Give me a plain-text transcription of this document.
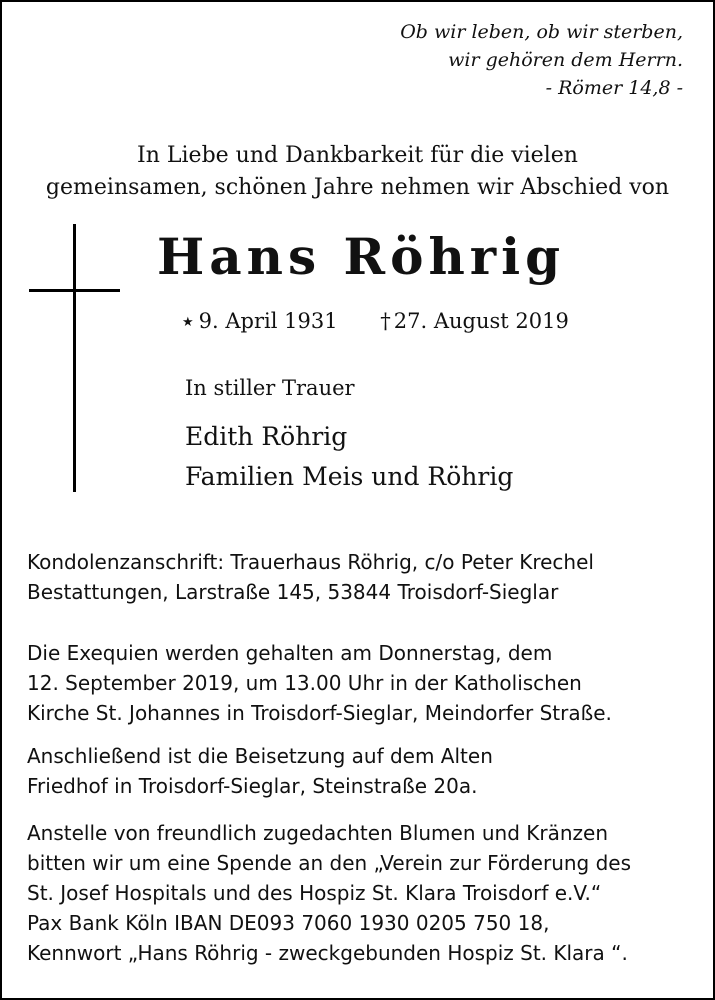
Ob wir leben, ob wir sterben,
wir gehören dem Herrn.
- Römer 14,8 -
In Liebe und Dankbarkeit für die vielen
gemeinsamen, schönen Jahre nehmen wir Abschied von
Hans Röhrig
★ 9. April 1931 † 27. August 2019
In stiller Trauer
Edith Röhrig
Familien Meis und Röhrig
Kondolenzanschrift: Trauerhaus Röhrig, c/o Peter Krechel
Bestattungen, Larstraße 145, 53844 Troisdorf-Sieglar
Die Exequien werden gehalten am Donnerstag, dem
12. September 2019, um 13.00 Uhr in der Katholischen
Kirche St. Johannes in Troisdorf-Sieglar, Meindorfer Straße.
Anschließend ist die Beisetzung auf dem Alten
Friedhof in Troisdorf-Sieglar, Steinstraße 20a.
Anstelle von freundlich zugedachten Blumen und Kränzen
bitten wir um eine Spende an den „Verein zur Förderung des
St. Josef Hospitals und des Hospiz St. Klara Troisdorf e.V.“
Pax Bank Köln IBAN DE093 7060 1930 0205 750 18,
Kennwort „Hans Röhrig - zweckgebunden Hospiz St. Klara “.
